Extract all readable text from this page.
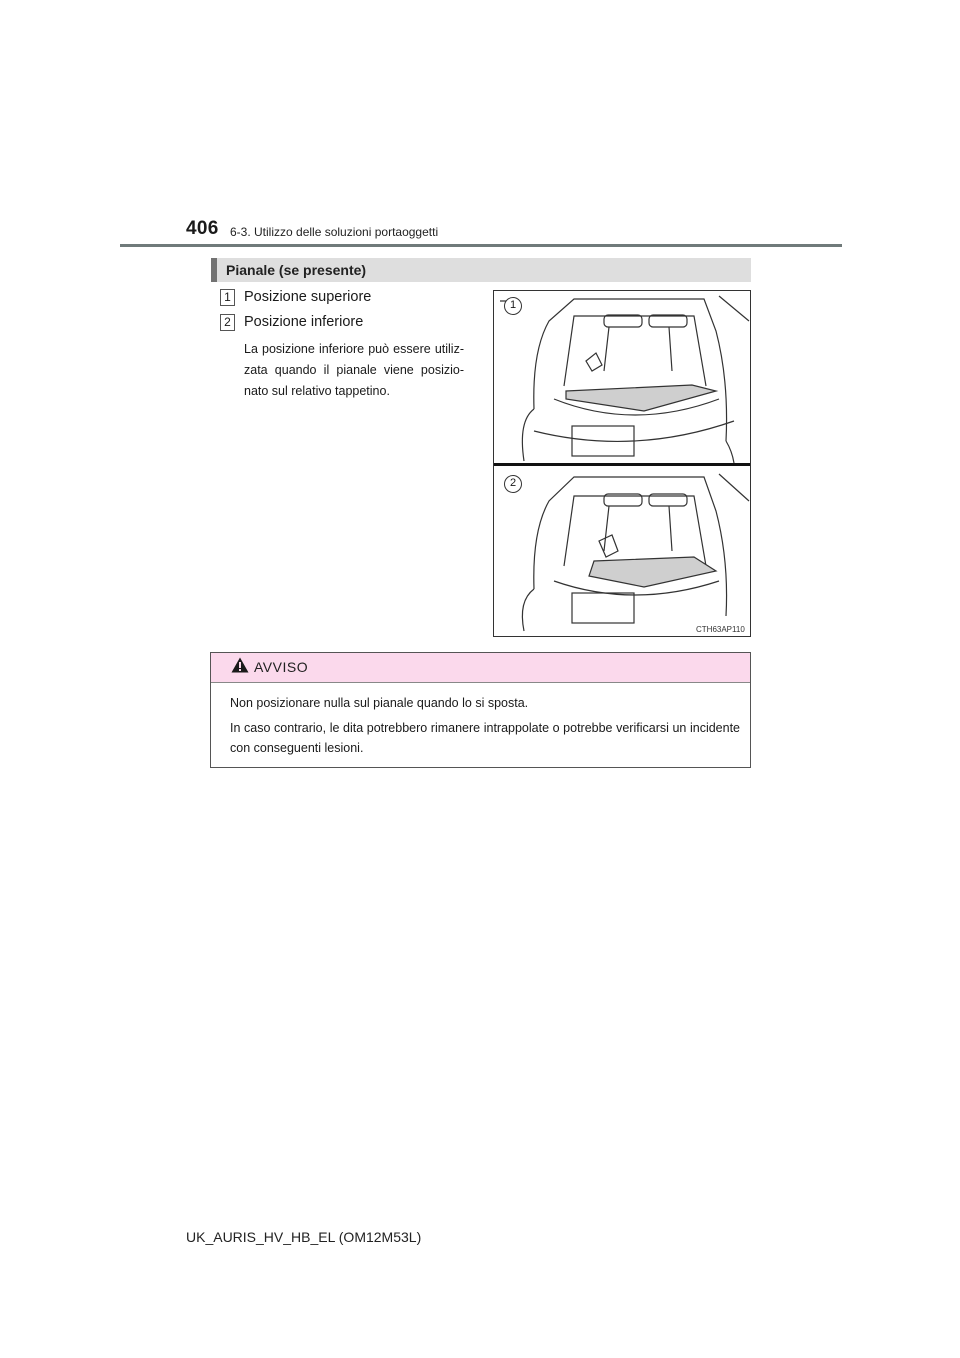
406 6-3. Utilizzo delle soluzioni portaoggetti
Pianale (se presente)
1 Posizione superiore
2 Posizione inferiore
La posizione inferiore può essere utiliz- zata quando il pianale viene posizio- nato sul relativo tappetino.
1
2
CTH63AP110
AVVISO

Non posizionare nulla sul pianale quando lo si sposta.

In caso contrario, le dita potrebbero rimanere intrappolate o potrebbe verificarsi un incidente con conseguenti lesioni.

UK_AURIS_HV_HB_EL (OM12M53L)
